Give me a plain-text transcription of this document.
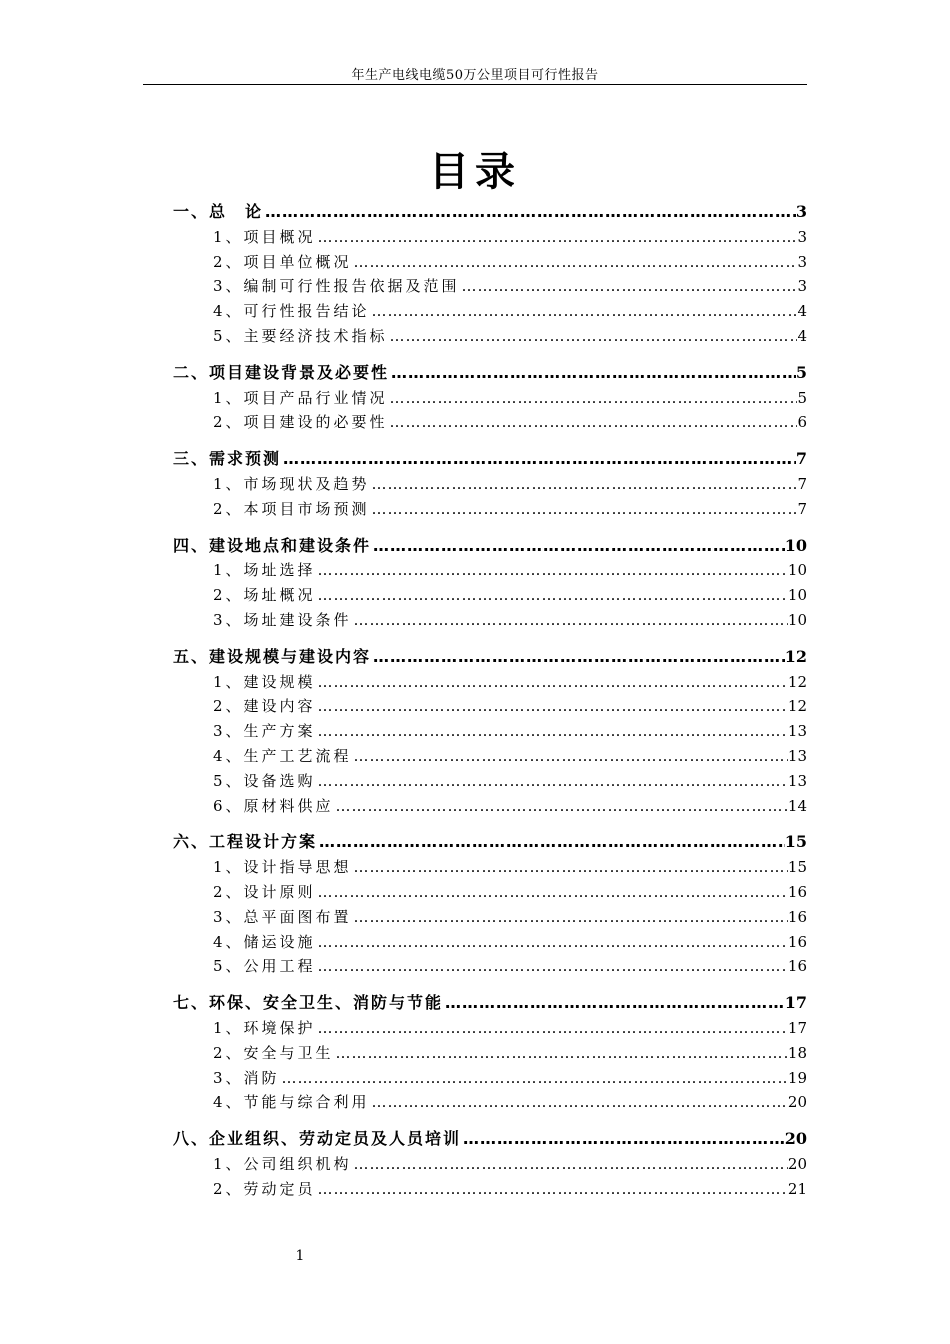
年生产电线电缆50万公里项目可行性报告
目录
一、总　论 …………………………………………………………………………………………………………………………………………………………………………………	3
1、项目概况 …………………………………………………………………………………………………………………………………………………………………………………	3
2、项目单位概况 …………………………………………………………………………………………………………………………………………………………………………………	3
3、编制可行性报告依据及范围 …………………………………………………………………………………………………………………………………………………………………………………	3
4、可行性报告结论 …………………………………………………………………………………………………………………………………………………………………………………	4
5、主要经济技术指标 …………………………………………………………………………………………………………………………………………………………………………………	4
二、项目建设背景及必要性 …………………………………………………………………………………………………………………………………………………………………………………	5
1、项目产品行业情况 …………………………………………………………………………………………………………………………………………………………………………………	5
2、项目建设的必要性 …………………………………………………………………………………………………………………………………………………………………………………	6
三、需求预测 …………………………………………………………………………………………………………………………………………………………………………………	7
1、市场现状及趋势 …………………………………………………………………………………………………………………………………………………………………………………	7
2、本项目市场预测 …………………………………………………………………………………………………………………………………………………………………………………	7
四、建设地点和建设条件 …………………………………………………………………………………………………………………………………………………………………………………	10
1、场址选择 …………………………………………………………………………………………………………………………………………………………………………………	10
2、场址概况 …………………………………………………………………………………………………………………………………………………………………………………	10
3、场址建设条件 …………………………………………………………………………………………………………………………………………………………………………………	10
五、建设规模与建设内容 …………………………………………………………………………………………………………………………………………………………………………………	12
1、建设规模 …………………………………………………………………………………………………………………………………………………………………………………	12
2、建设内容 …………………………………………………………………………………………………………………………………………………………………………………	12
3、生产方案 …………………………………………………………………………………………………………………………………………………………………………………	13
4、生产工艺流程 …………………………………………………………………………………………………………………………………………………………………………………	13
5、设备选购 …………………………………………………………………………………………………………………………………………………………………………………	13
6、原材料供应 …………………………………………………………………………………………………………………………………………………………………………………	14
六、工程设计方案 …………………………………………………………………………………………………………………………………………………………………………………	15
1、设计指导思想 …………………………………………………………………………………………………………………………………………………………………………………	15
2、设计原则 …………………………………………………………………………………………………………………………………………………………………………………	16
3、总平面图布置 …………………………………………………………………………………………………………………………………………………………………………………	16
4、储运设施 …………………………………………………………………………………………………………………………………………………………………………………	16
5、公用工程 …………………………………………………………………………………………………………………………………………………………………………………	16
七、环保、安全卫生、消防与节能 …………………………………………………………………………………………………………………………………………………………………………………	17
1、环境保护 …………………………………………………………………………………………………………………………………………………………………………………	17
2、安全与卫生 …………………………………………………………………………………………………………………………………………………………………………………	18
3、消防 …………………………………………………………………………………………………………………………………………………………………………………	19
4、节能与综合利用 …………………………………………………………………………………………………………………………………………………………………………………	20
八、企业组织、劳动定员及人员培训 …………………………………………………………………………………………………………………………………………………………………………………	20
1、公司组织机构 …………………………………………………………………………………………………………………………………………………………………………………	20
2、劳动定员 …………………………………………………………………………………………………………………………………………………………………………………	21
1
